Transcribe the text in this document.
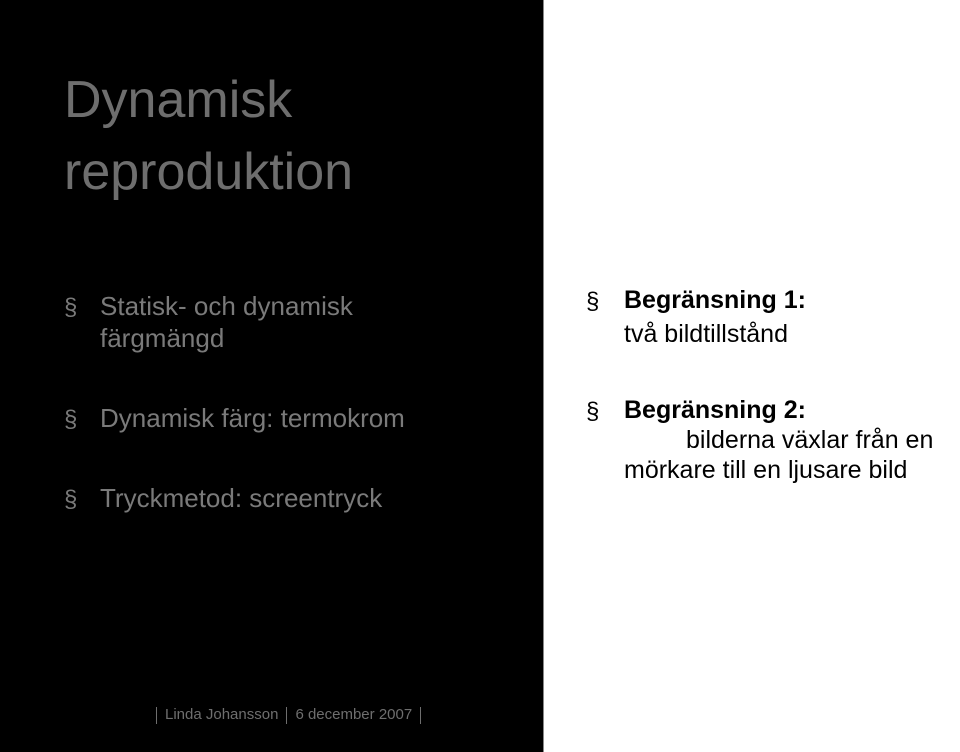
Dynamisk
reproduktion
§ Statisk- och dynamisk färgmängd
§ Dynamisk färg: termokrom
§ Tryckmetod: screentryck
Linda Johansson 6 december 2007
§ Begränsning 1:
två bildtillstånd
§ Begränsning 2:
bilderna växlar från en
mörkare till en ljusare bild
